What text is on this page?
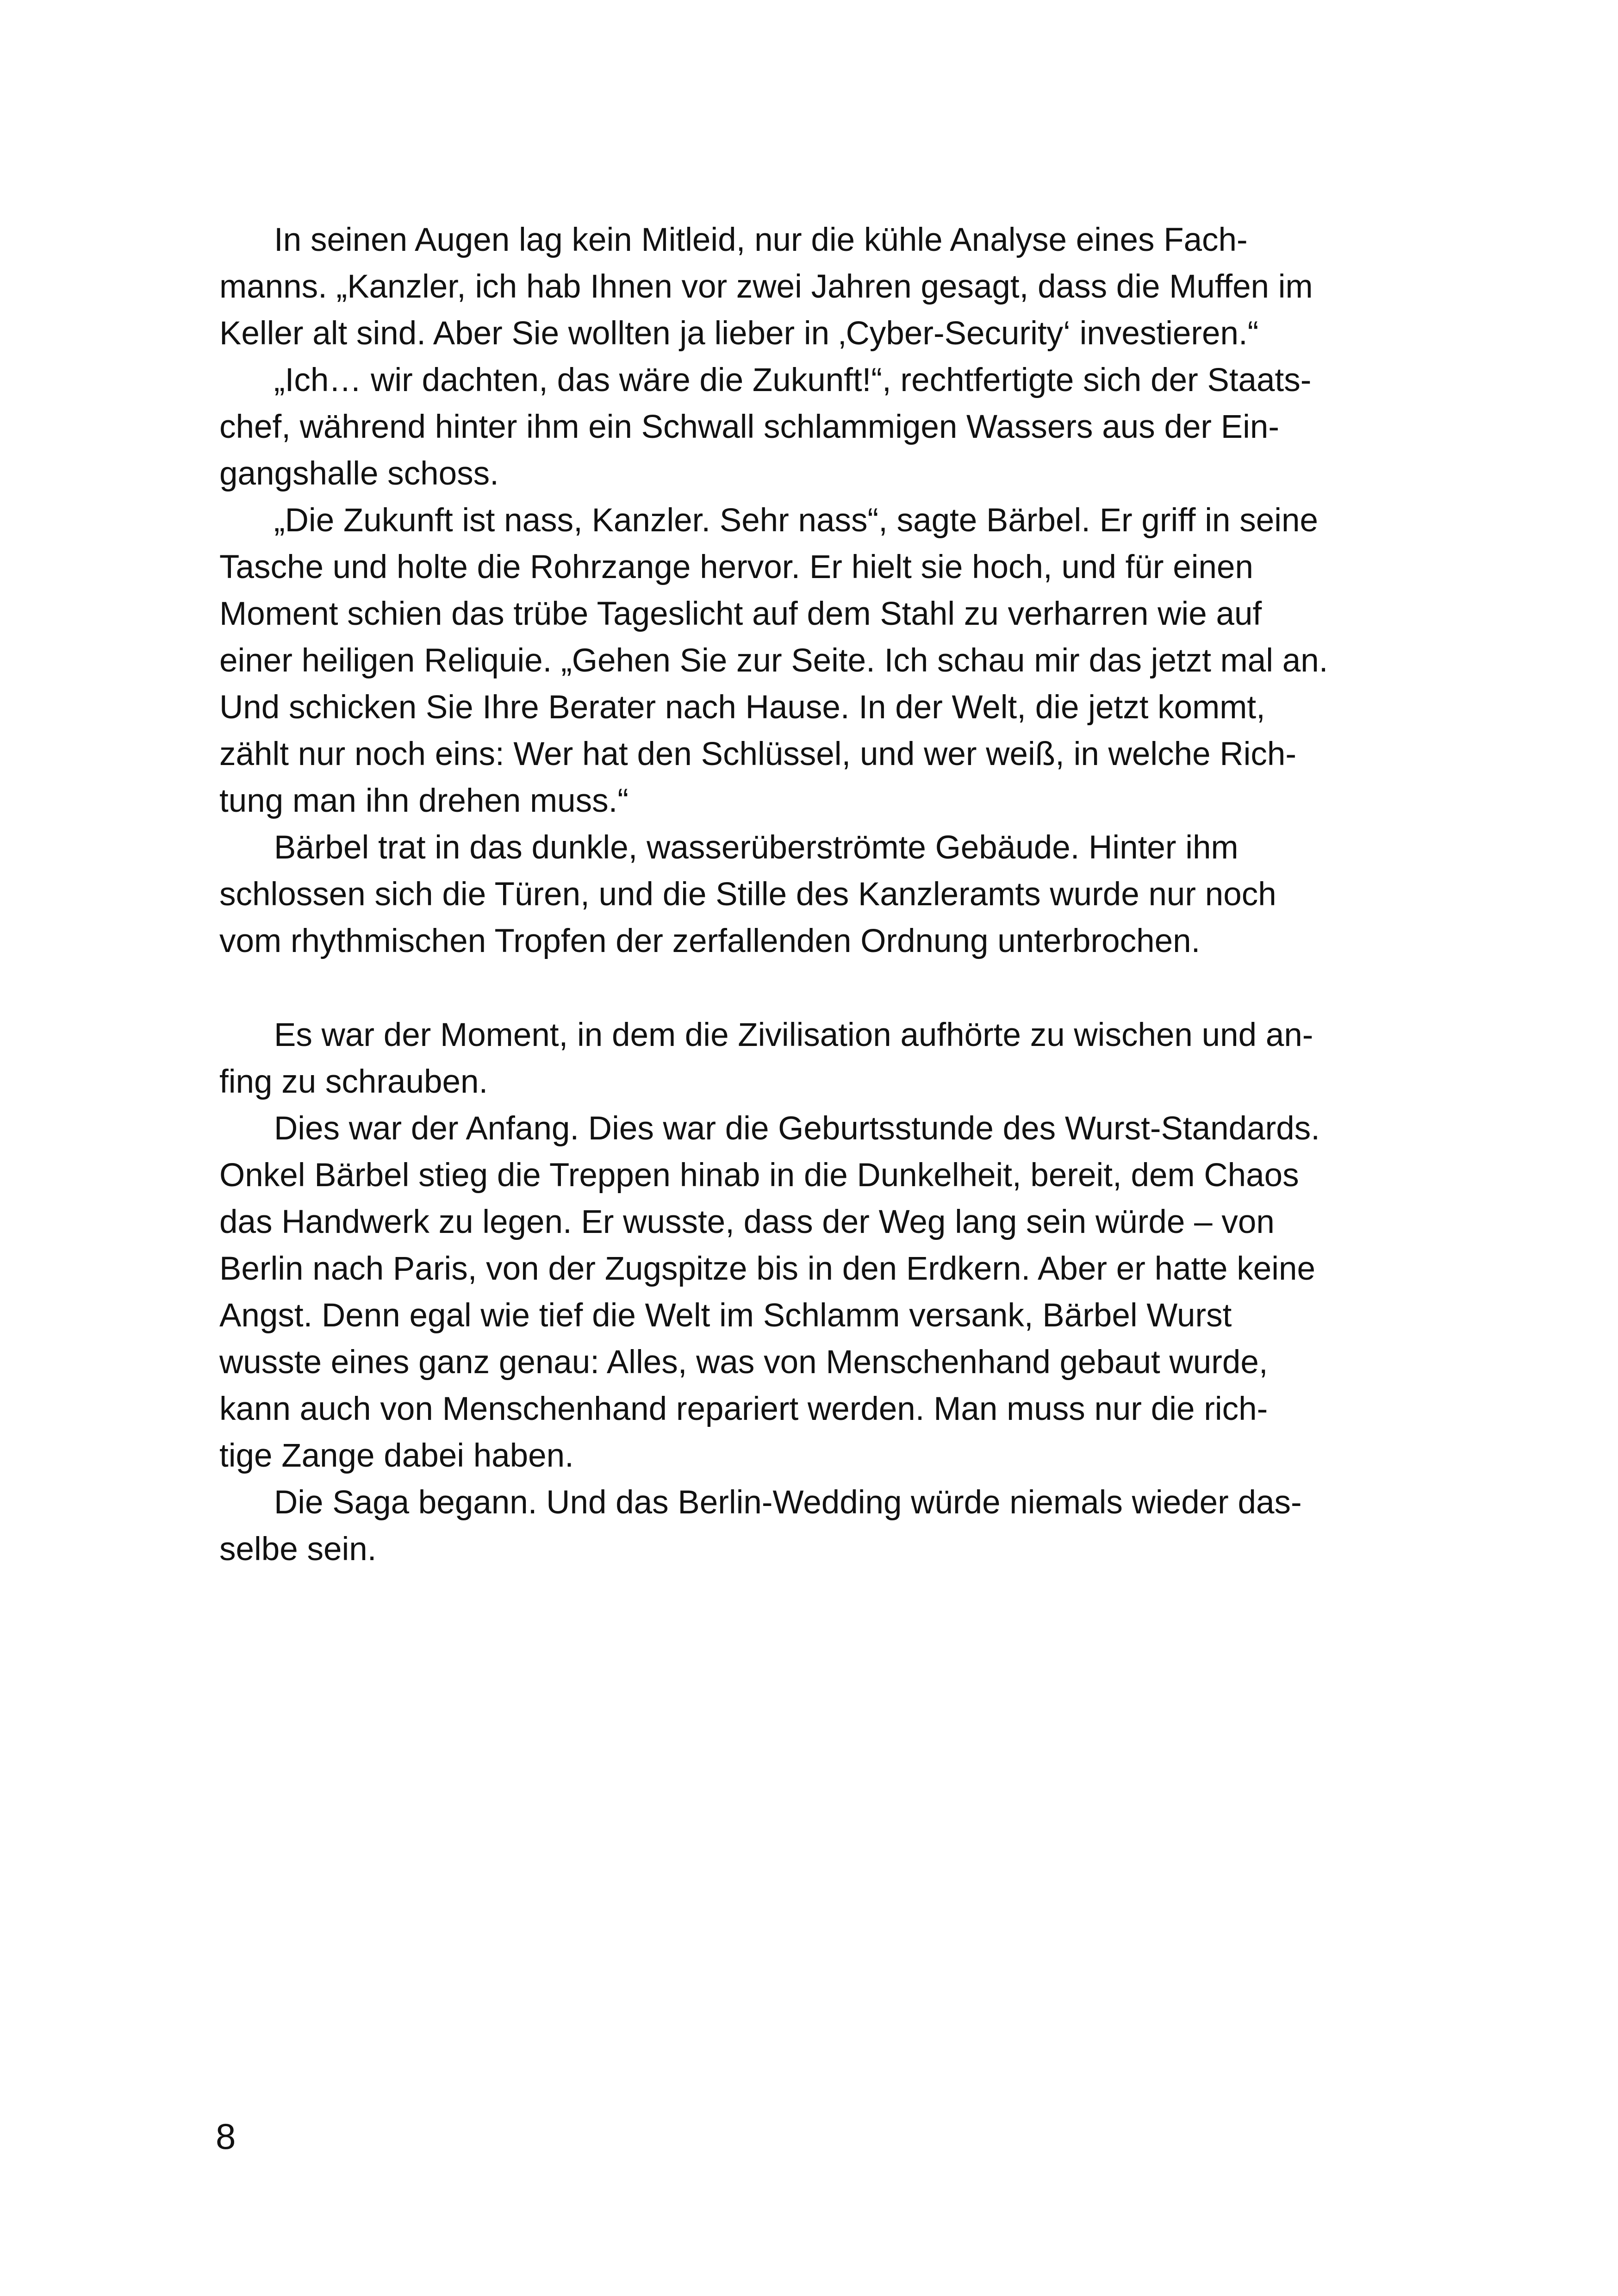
In seinen Augen lag kein Mitleid, nur die kühle Analyse eines Fach-
manns. „Kanzler, ich hab Ihnen vor zwei Jahren gesagt, dass die Muffen im
Keller alt sind. Aber Sie wollten ja lieber in ‚Cyber-Security‘ investieren.“
„Ich… wir dachten, das wäre die Zukunft!“, rechtfertigte sich der Staats-
chef, während hinter ihm ein Schwall schlammigen Wassers aus der Ein-
gangshalle schoss.
„Die Zukunft ist nass, Kanzler. Sehr nass“, sagte Bärbel. Er griff in seine
Tasche und holte die Rohrzange hervor. Er hielt sie hoch, und für einen
Moment schien das trübe Tageslicht auf dem Stahl zu verharren wie auf
einer heiligen Reliquie. „Gehen Sie zur Seite. Ich schau mir das jetzt mal an.
Und schicken Sie Ihre Berater nach Hause. In der Welt, die jetzt kommt,
zählt nur noch eins: Wer hat den Schlüssel, und wer weiß, in welche Rich-
tung man ihn drehen muss.“
Bärbel trat in das dunkle, wasserüberströmte Gebäude. Hinter ihm
schlossen sich die Türen, und die Stille des Kanzleramts wurde nur noch
vom rhythmischen Tropfen der zerfallenden Ordnung unterbrochen.
Es war der Moment, in dem die Zivilisation aufhörte zu wischen und an-
fing zu schrauben.
Dies war der Anfang. Dies war die Geburtsstunde des Wurst-Standards.
Onkel Bärbel stieg die Treppen hinab in die Dunkelheit, bereit, dem Chaos
das Handwerk zu legen. Er wusste, dass der Weg lang sein würde – von
Berlin nach Paris, von der Zugspitze bis in den Erdkern. Aber er hatte keine
Angst. Denn egal wie tief die Welt im Schlamm versank, Bärbel Wurst
wusste eines ganz genau: Alles, was von Menschenhand gebaut wurde,
kann auch von Menschenhand repariert werden. Man muss nur die rich-
tige Zange dabei haben.
Die Saga begann. Und das Berlin-Wedding würde niemals wieder das-
selbe sein.
8
